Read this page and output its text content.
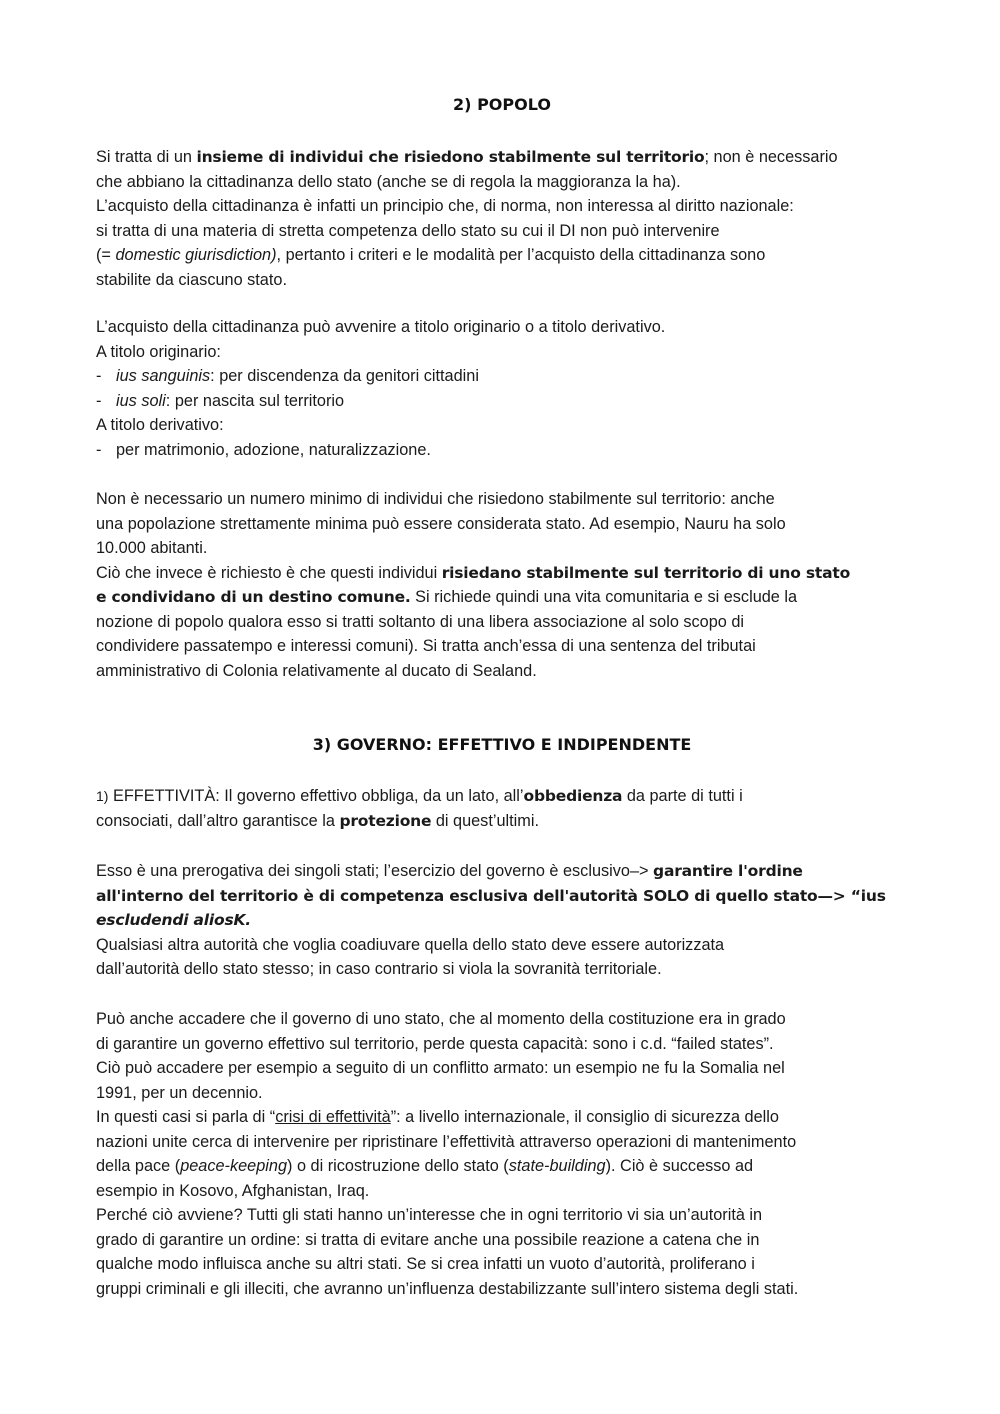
2) POPOLO
Si tratta di un insieme di individui che risiedono stabilmente sul territorio; non è necessario
che abbiano la cittadinanza dello stato (anche se di regola la maggioranza la ha).
L’acquisto della cittadinanza è infatti un principio che, di norma, non interessa al diritto nazionale:
si tratta di una materia di stretta competenza dello stato su cui il DI non può intervenire
(= domestic giurisdiction), pertanto i criteri e le modalità per l’acquisto della cittadinanza sono
stabilite da ciascuno stato.
L’acquisto della cittadinanza può avvenire a titolo originario o a titolo derivativo.
A titolo originario:
- ius sanguinis: per discendenza da genitori cittadini
- ius soli: per nascita sul territorio
A titolo derivativo:
- per matrimonio, adozione, naturalizzazione.
Non è necessario un numero minimo di individui che risiedono stabilmente sul territorio: anche
una popolazione strettamente minima può essere considerata stato. Ad esempio, Nauru ha solo
10.000 abitanti.
Ciò che invece è richiesto è che questi individui risiedano stabilmente sul territorio di uno stato
e condividano di un destino comune. Si richiede quindi una vita comunitaria e si esclude la
nozione di popolo qualora esso si tratti soltanto di una libera associazione al solo scopo di
condividere passatempo e interessi comuni). Si tratta anch’essa di una sentenza del tributai
amministrativo di Colonia relativamente al ducato di Sealand.
3) GOVERNO: EFFETTIVO E INDIPENDENTE
1) EFFETTIVITÀ: Il governo effettivo obbliga, da un lato, all’obbedienza da parte di tutti i
consociati, dall’altro garantisce la protezione di quest’ultimi.
Esso è una prerogativa dei singoli stati; l’esercizio del governo è esclusivo–> garantire l'ordine
all'interno del territorio è di competenza esclusiva dell'autorità SOLO di quello stato—> “ius
escludendi aliosK.
Qualsiasi altra autorità che voglia coadiuvare quella dello stato deve essere autorizzata
dall’autorità dello stato stesso; in caso contrario si viola la sovranità territoriale.
Può anche accadere che il governo di uno stato, che al momento della costituzione era in grado
di garantire un governo effettivo sul territorio, perde questa capacità: sono i c.d. “failed states”.
Ciò può accadere per esempio a seguito di un conflitto armato: un esempio ne fu la Somalia nel
1991, per un decennio.
In questi casi si parla di “crisi di effettività”: a livello internazionale, il consiglio di sicurezza dello
nazioni unite cerca di intervenire per ripristinare l’effettività attraverso operazioni di mantenimento
della pace (peace-keeping) o di ricostruzione dello stato (state-building). Ciò è successo ad
esempio in Kosovo, Afghanistan, Iraq.
Perché ciò avviene? Tutti gli stati hanno un’interesse che in ogni territorio vi sia un’autorità in
grado di garantire un ordine: si tratta di evitare anche una possibile reazione a catena che in
qualche modo influisca anche su altri stati. Se si crea infatti un vuoto d’autorità, proliferano i
gruppi criminali e gli illeciti, che avranno un’influenza destabilizzante sull’intero sistema degli stati.
